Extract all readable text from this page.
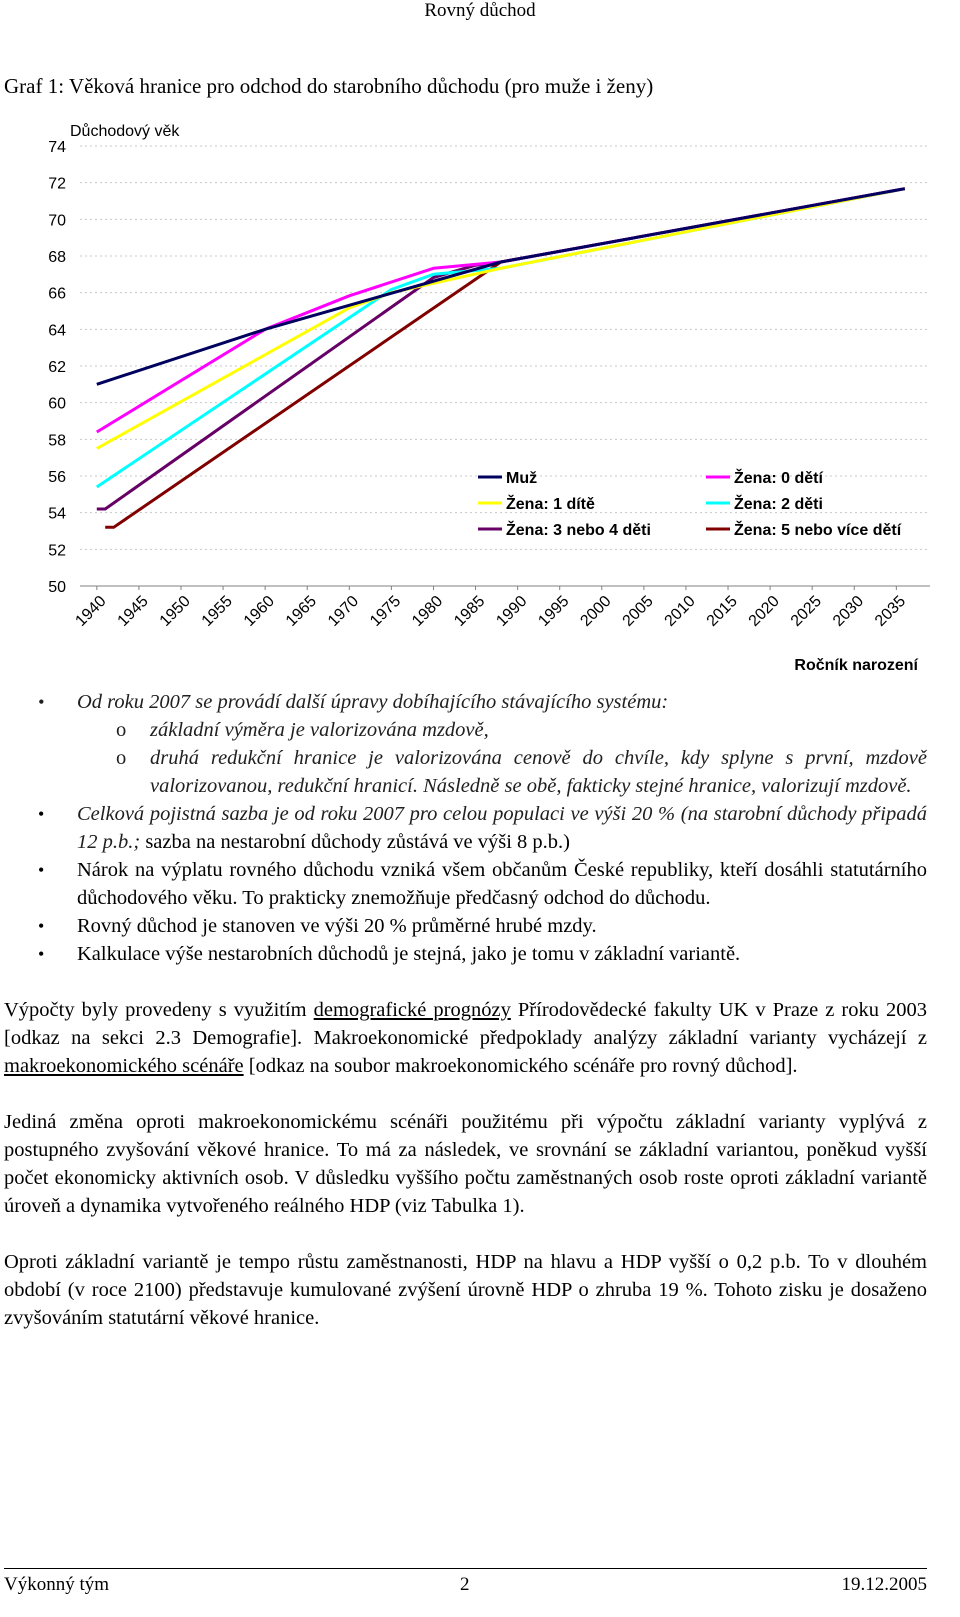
Rovný důchod
Graf 1: Věková hranice pro odchod do starobního důchodu (pro muže i ženy)
50
52
54
56
58
60
62
64
66
68
70
72
74
1940 1945 1950 1955 1960 1965 1970 1975 1980 1985 1990 1995 2000 2005 2010 2015 2020 2025 2030 2035
Důchodový věk
Ročník narození
Muž	Žena: 0 dětí
Žena: 1 dítě	Žena: 2 děti
Žena: 3 nebo 4 děti	Žena: 5 nebo více dětí
• Od roku 2007 se provádí další úpravy dobíhajícího stávajícího systému:
o základní výměra je valorizována mzdově,
o druhá redukční hranice je valorizována cenově do chvíle, kdy splyne s první, mzdově valorizovanou, redukční hranicí. Následně se obě, fakticky stejné hranice, valorizují mzdově.
• Celková pojistná sazba je od roku 2007 pro celou populaci ve výši 20 % (na starobní důchody připadá 12 p.b.; sazba na nestarobní důchody zůstává ve výši 8 p.b.)
• Nárok na výplatu rovného důchodu vzniká všem občanům České republiky, kteří dosáhli statutárního důchodového věku. To prakticky znemožňuje předčasný odchod do důchodu.
• Rovný důchod je stanoven ve výši 20 % průměrné hrubé mzdy.
• Kalkulace výše nestarobních důchodů je stejná, jako je tomu v základní variantě.

Výpočty byly provedeny s využitím demografické prognózy Přírodovědecké fakulty UK v Praze z roku 2003 [odkaz na sekci 2.3 Demografie]. Makroekonomické předpoklady analýzy základní varianty vycházejí z makroekonomického scénáře [odkaz na soubor makroekonomického scénáře pro rovný důchod].

Jediná změna oproti makroekonomickému scénáři použitému při výpočtu základní varianty vyplývá z postupného zvyšování věkové hranice. To má za následek, ve srovnání se základní variantou, poněkud vyšší počet ekonomicky aktivních osob. V důsledku vyššího počtu zaměstnaných osob roste oproti základní variantě úroveň a dynamika vytvořeného reálného HDP (viz Tabulka 1).

Oproti základní variantě je tempo růstu zaměstnanosti, HDP na hlavu a HDP vyšší o 0,2 p.b. To v dlouhém období (v roce 2100) představuje kumulované zvýšení úrovně HDP o zhruba 19 %. Tohoto zisku je dosaženo zvyšováním statutární věkové hranice.

Výkonný tým	2	19.12.2005
